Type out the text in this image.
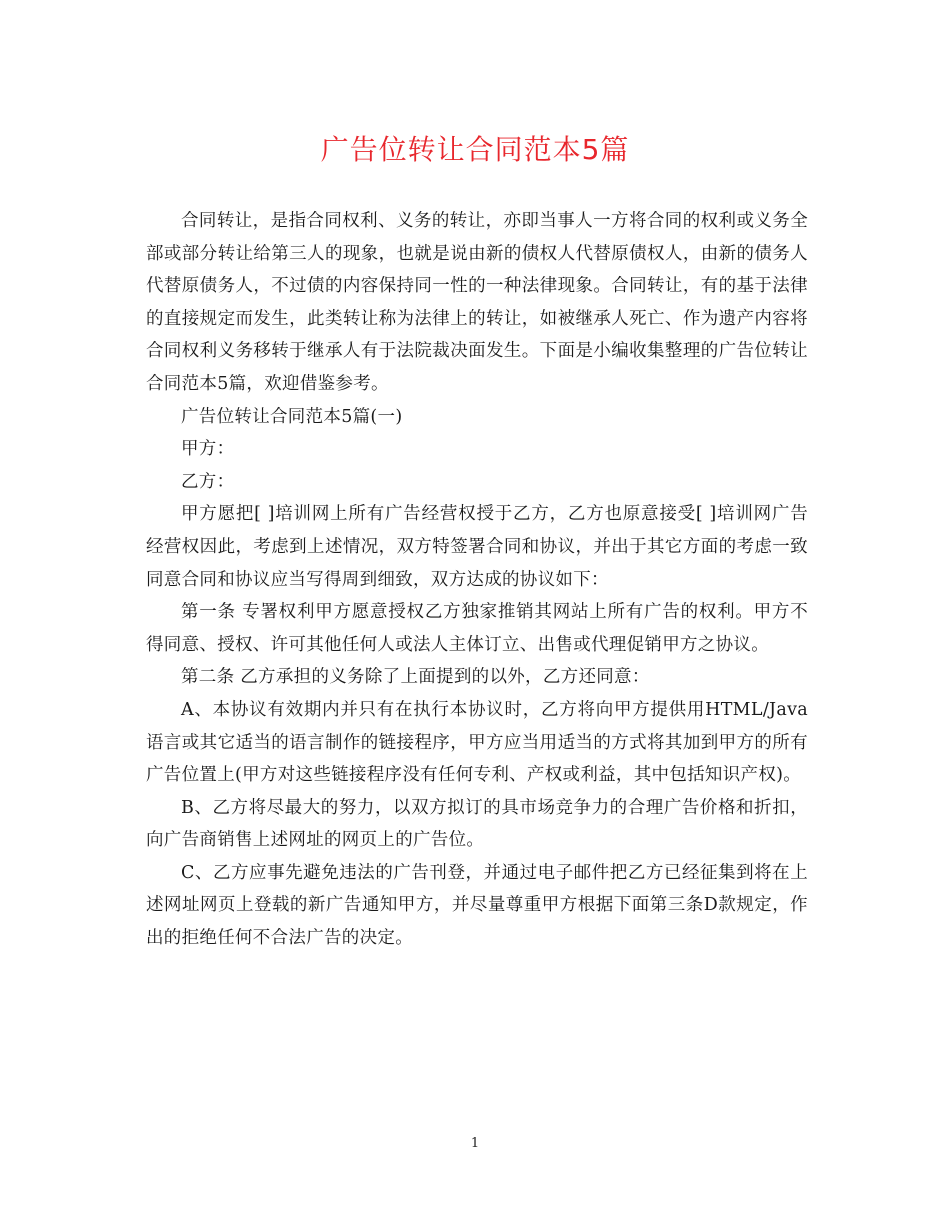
广告位转让合同范本5篇

合同转让，是指合同权利、义务的转让，亦即当事人一方将合同的权利或义务全部或部分转让给第三人的现象，也就是说由新的债权人代替原债权人，由新的债务人代替原债务人，不过债的内容保持同一性的一种法律现象。合同转让，有的基于法律的直接规定而发生，此类转让称为法律上的转让，如被继承人死亡、作为遗产内容将合同权利义务移转于继承人有于法院裁决面发生。下面是小编收集整理的广告位转让合同范本5篇，欢迎借鉴参考。

广告位转让合同范本5篇(一)

甲方：

乙方：

甲方愿把[ ]培训网上所有广告经营权授于乙方，乙方也原意接受[ ]培训网广告经营权因此，考虑到上述情况，双方特签署合同和协议，并出于其它方面的考虑一致同意合同和协议应当写得周到细致，双方达成的协议如下：

第一条 专署权利甲方愿意授权乙方独家推销其网站上所有广告的权利。甲方不得同意、授权、许可其他任何人或法人主体订立、出售或代理促销甲方之协议。

第二条 乙方承担的义务除了上面提到的以外，乙方还同意：

A、本协议有效期内并只有在执行本协议时，乙方将向甲方提供用HTML/Java语言或其它适当的语言制作的链接程序，甲方应当用适当的方式将其加到甲方的所有广告位置上(甲方对这些链接程序没有任何专利、产权或利益，其中包括知识产权)。

B、乙方将尽最大的努力，以双方拟订的具市场竞争力的合理广告价格和折扣，向广告商销售上述网址的网页上的广告位。

C、乙方应事先避免违法的广告刊登，并通过电子邮件把乙方已经征集到将在上述网址网页上登载的新广告通知甲方，并尽量尊重甲方根据下面第三条D款规定，作出的拒绝任何不合法广告的决定。

1
